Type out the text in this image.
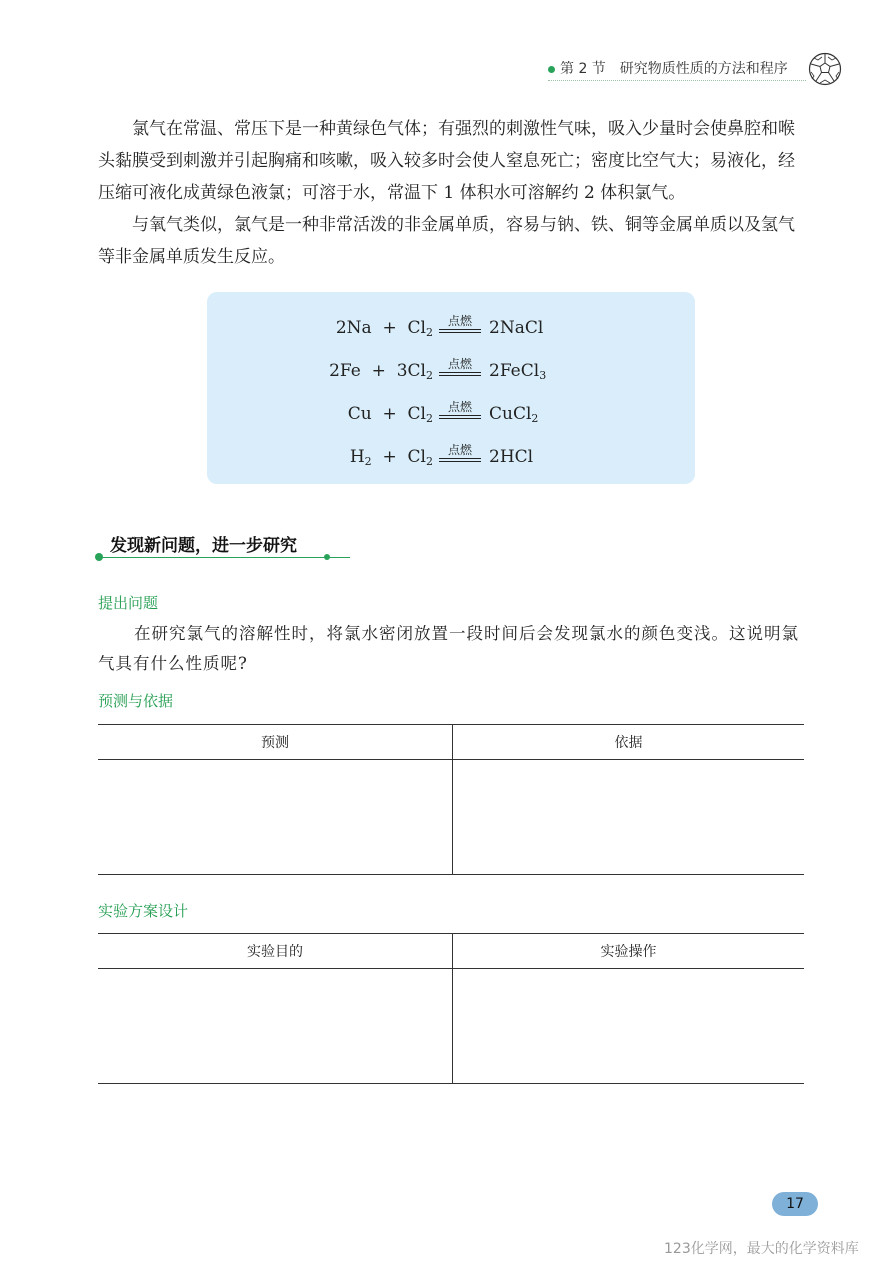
第 2 节　研究物质性质的方法和程序

氯气在常温、常压下是一种黄绿色气体；有强烈的刺激性气味，吸入少量时会使鼻腔和喉头黏膜受到刺激并引起胸痛和咳嗽，吸入较多时会使人窒息死亡；密度比空气大；易液化，经压缩可液化成黄绿色液氯；可溶于水，常温下 1 体积水可溶解约 2 体积氯气。

与氧气类似，氯气是一种非常活泼的非金属单质，容易与钠、铁、铜等金属单质以及氢气等非金属单质发生反应。

$2Na + Cl_2$
点燃	2NaCl
$2Fe + 3Cl_2$
点燃	2FeCl$_3$
$Cu + Cl_2$
点燃	CuCl$_2$
$H_2 + Cl_2$
点燃	2HCl
发现新问题，进一步研究
提出问题

在研究氯气的溶解性时，将氯水密闭放置一段时间后会发现氯水的颜色变浅。这说明氯气具有什么性质呢?

预测与依据
预测	依据

实验方案设计
实验目的	实验操作

17
123化学网，最大的化学资料库
